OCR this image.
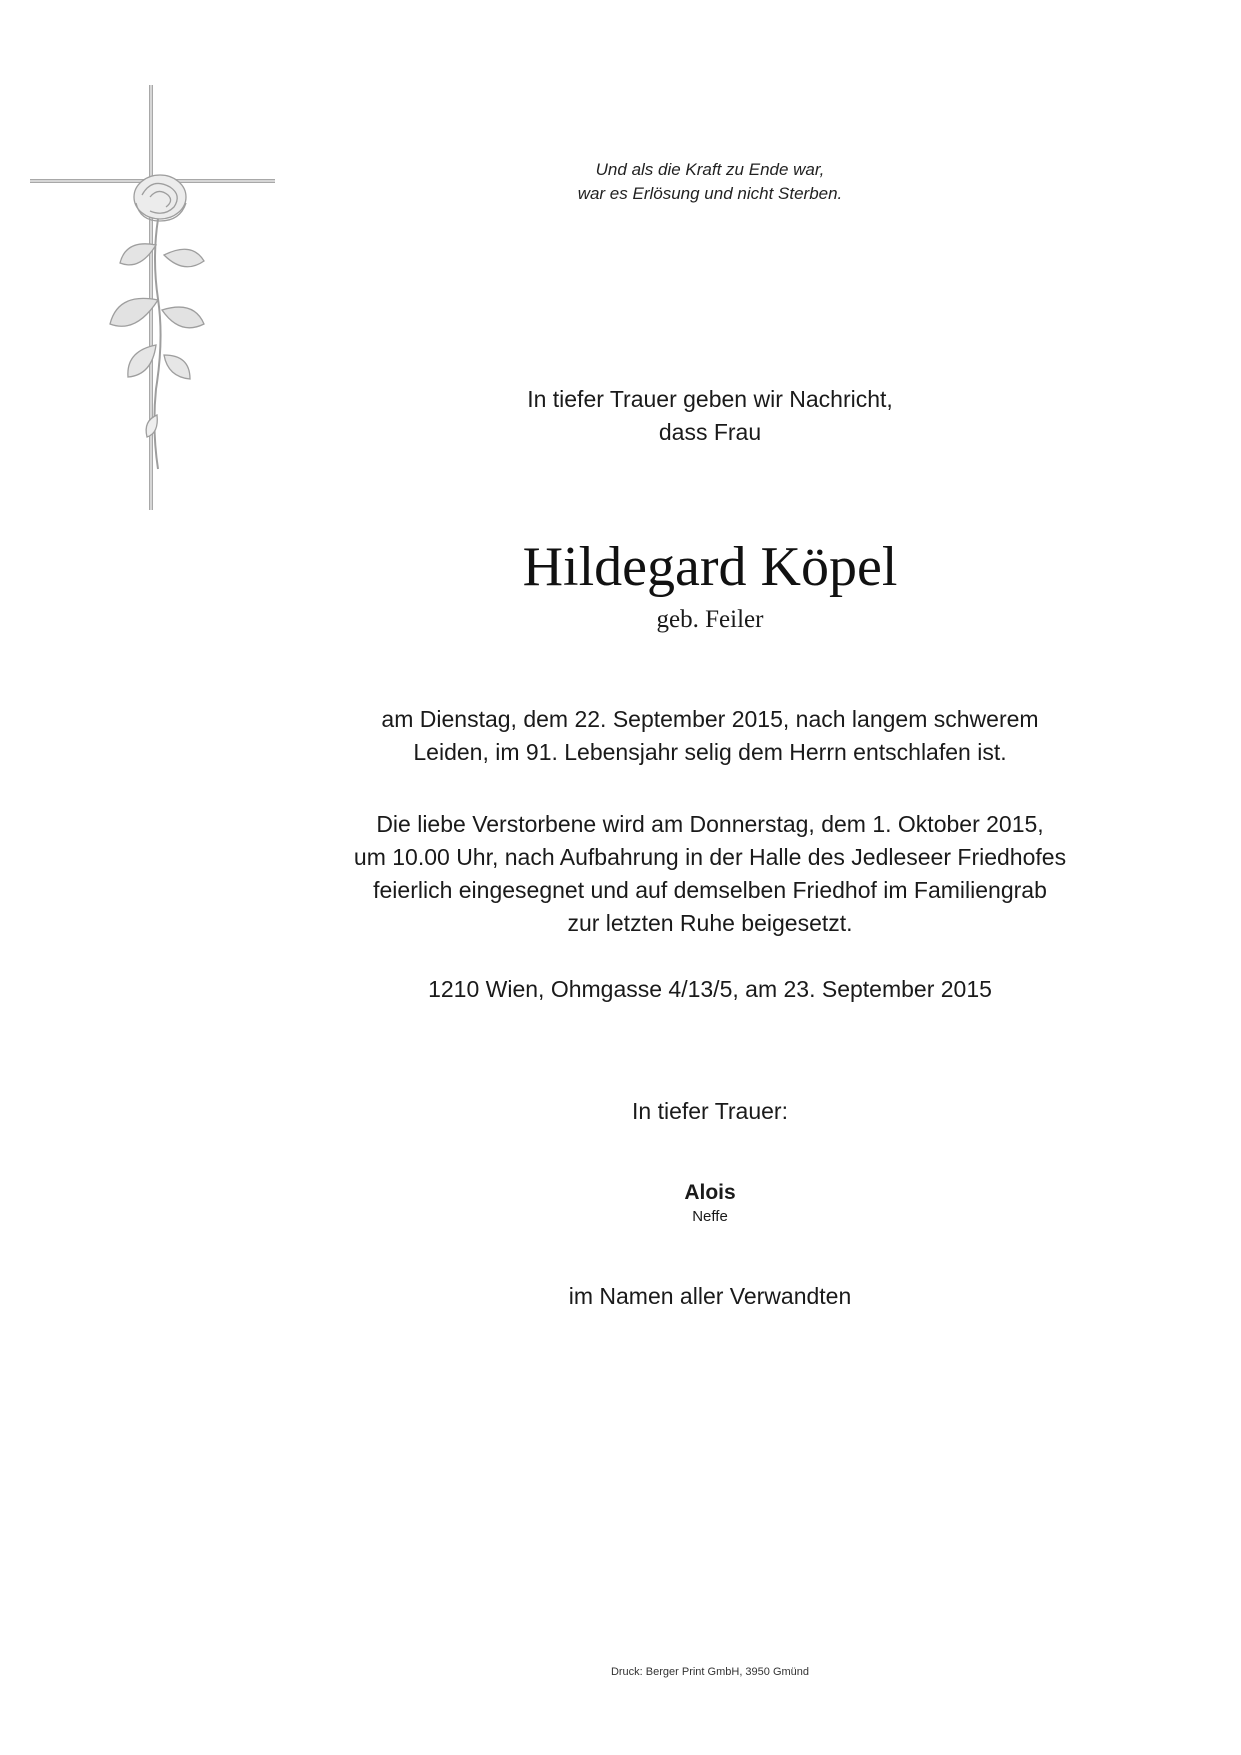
Und als die Kraft zu Ende war,
war es Erlösung und nicht Sterben.
In tiefer Trauer geben wir Nachricht,
dass Frau
Hildegard Köpel
geb. Feiler
am Dienstag, dem 22. September 2015, nach langem schwerem
Leiden, im 91. Lebensjahr selig dem Herrn entschlafen ist.
Die liebe Verstorbene wird am Donnerstag, dem 1. Oktober 2015,
um 10.00 Uhr, nach Aufbahrung in der Halle des Jedleseer Friedhofes
feierlich eingesegnet und auf demselben Friedhof im Familiengrab
zur letzten Ruhe beigesetzt.
1210 Wien, Ohmgasse 4/13/5, am 23. September 2015
In tiefer Trauer:
Alois
Neffe
im Namen aller Verwandten
Druck: Berger Print GmbH, 3950 Gmünd
